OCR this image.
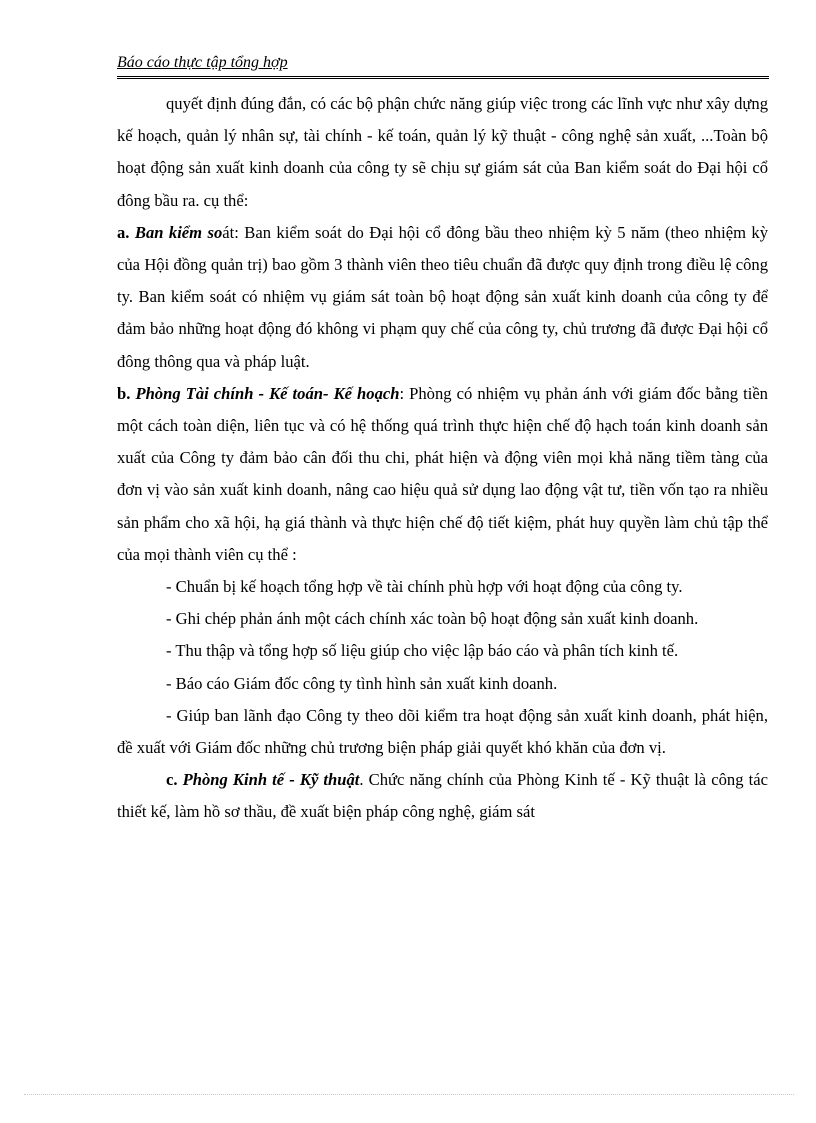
Báo cáo thực tập tổng hợp

quyết định đúng đắn, có các bộ phận chức năng giúp việc trong các lĩnh vực như xây dựng kế hoạch, quản lý nhân sự, tài chính - kế toán, quản lý kỹ thuật - công nghệ sản xuất, ...Toàn bộ hoạt động sản xuất kinh doanh của công ty sẽ chịu sự giám sát của Ban kiểm soát do Đại hội cổ đông bầu ra. cụ thể:

a. Ban kiểm soát: Ban kiểm soát do Đại hội cổ đông bầu theo nhiệm kỳ 5 năm (theo nhiệm kỳ của Hội đồng quản trị) bao gồm 3 thành viên theo tiêu chuẩn đã được quy định trong điều lệ công ty. Ban kiểm soát có nhiệm vụ giám sát toàn bộ hoạt động sản xuất kinh doanh của công ty để đảm bảo những hoạt động đó không vi phạm quy chế của công ty, chủ trương đã được Đại hội cổ đông thông qua và pháp luật.

b. Phòng Tài chính - Kế toán- Kế hoạch: Phòng có nhiệm vụ phản ánh với giám đốc bằng tiền một cách toàn diện, liên tục và có hệ thống quá trình thực hiện chế độ hạch toán kinh doanh sản xuất của Công ty đảm bảo cân đối thu chi, phát hiện và động viên mọi khả năng tiềm tàng của đơn vị vào sản xuất kinh doanh, nâng cao hiệu quả sử dụng lao động vật tư, tiền vốn tạo ra nhiều sản phẩm cho xã hội, hạ giá thành và thực hiện chế độ tiết kiệm, phát huy quyền làm chủ tập thể của mọi thành viên cụ thể :

- Chuẩn bị kế hoạch tổng hợp về tài chính phù hợp với hoạt động của công ty.

- Ghi chép phản ánh một cách chính xác toàn bộ hoạt động sản xuất kinh doanh.

- Thu thập và tổng hợp số liệu giúp cho việc lập báo cáo và phân tích kinh tế.

- Báo cáo Giám đốc công ty tình hình sản xuất kinh doanh.

- Giúp ban lãnh đạo Công ty theo dõi kiểm tra hoạt động sản xuất kinh doanh, phát hiện, đề xuất với Giám đốc những chủ trương biện pháp giải quyết khó khăn của đơn vị.

c. Phòng Kinh tế - Kỹ thuật. Chức năng chính của Phòng Kinh tế - Kỹ thuật là công tác thiết kế, làm hồ sơ thầu, đề xuất biện pháp công nghệ, giám sát
